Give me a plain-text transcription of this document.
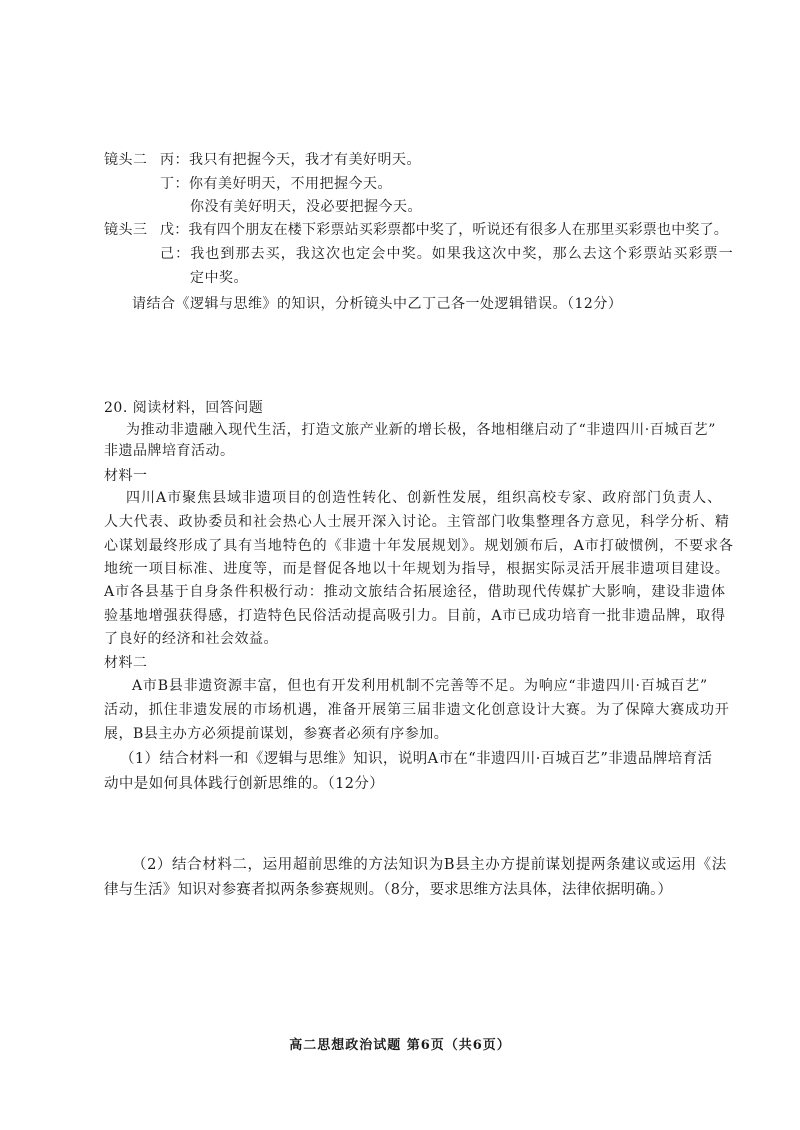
镜头二 丙：我只有把握今天，我才有美好明天。
丁：你有美好明天，不用把握今天。
你没有美好明天，没必要把握今天。
镜头三 戊：我有四个朋友在楼下彩票站买彩票都中奖了，听说还有很多人在那里买彩票也中奖了。
己：我也到那去买，我这次也定会中奖。如果我这次中奖，那么去这个彩票站买彩票一
定中奖。
请结合《逻辑与思维》的知识，分析镜头中乙丁己各一处逻辑错误。（12分）
20. 阅读材料，回答问题
为推动非遗融入现代生活，打造文旅产业新的增长极，各地相继启动了“非遗四川·百城百艺”
非遗品牌培育活动。
材料一
四川A市聚焦县域非遗项目的创造性转化、创新性发展，组织高校专家、政府部门负责人、
人大代表、政协委员和社会热心人士展开深入讨论。主管部门收集整理各方意见，科学分析、精
心谋划最终形成了具有当地特色的《非遗十年发展规划》。规划颁布后，A市打破惯例，不要求各
地统一项目标准、进度等，而是督促各地以十年规划为指导，根据实际灵活开展非遗项目建设。
A市各县基于自身条件积极行动：推动文旅结合拓展途径，借助现代传媒扩大影响，建设非遗体
验基地增强获得感，打造特色民俗活动提高吸引力。目前，A市已成功培育一批非遗品牌，取得
了良好的经济和社会效益。
材料二
A市B县非遗资源丰富，但也有开发利用机制不完善等不足。为响应“非遗四川·百城百艺”
活动，抓住非遗发展的市场机遇，准备开展第三届非遗文化创意设计大赛。为了保障大赛成功开
展，B县主办方必须提前谋划，参赛者必须有序参加。
（1）结合材料一和《逻辑与思维》知识，说明A市在“非遗四川·百城百艺”非遗品牌培育活
动中是如何具体践行创新思维的。（12分）
（2）结合材料二，运用超前思维的方法知识为B县主办方提前谋划提两条建议或运用《法
律与生活》知识对参赛者拟两条参赛规则。（8分，要求思维方法具体，法律依据明确。）
高二思想政治试题 第6页（共6页）
